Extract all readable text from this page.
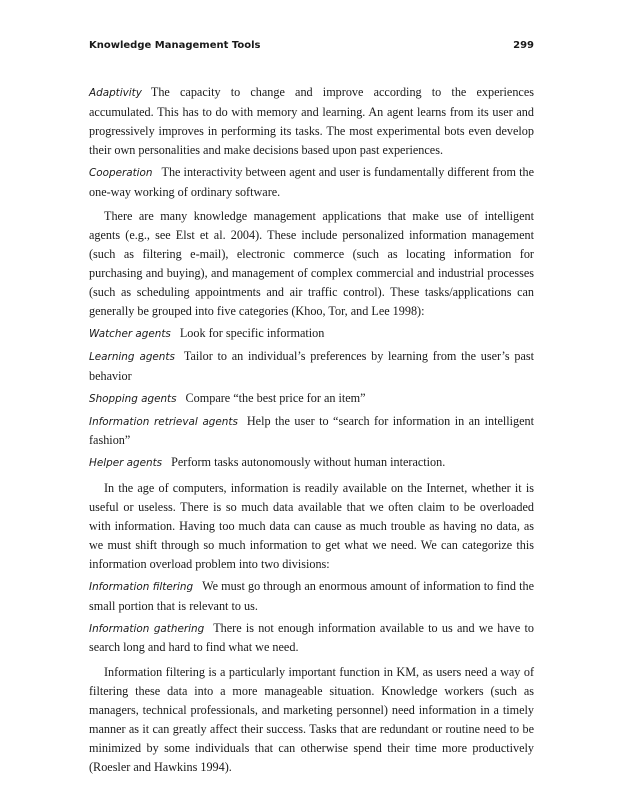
Knowledge Management Tools	299

Adaptivity The capacity to change and improve according to the experiences accumulated. This has to do with memory and learning. An agent learns from its user and progressively improves in performing its tasks. The most experimental bots even develop their own personalities and make decisions based upon past experiences.

Cooperation The interactivity between agent and user is fundamentally different from the one-way working of ordinary software.

There are many knowledge management applications that make use of intelligent agents (e.g., see Elst et al. 2004). These include personalized information management (such as filtering e-mail), electronic commerce (such as locating information for purchasing and buying), and management of complex commercial and industrial processes (such as scheduling appointments and air traffic control). These tasks/applications can generally be grouped into five categories (Khoo, Tor, and Lee 1998):

Watcher agents Look for specific information

Learning agents Tailor to an individual’s preferences by learning from the user’s past behavior

Shopping agents Compare “the best price for an item”

Information retrieval agents Help the user to “search for information in an intelligent fashion”

Helper agents Perform tasks autonomously without human interaction.

In the age of computers, information is readily available on the Internet, whether it is useful or useless. There is so much data available that we often claim to be overloaded with information. Having too much data can cause as much trouble as having no data, as we must shift through so much information to get what we need. We can categorize this information overload problem into two divisions:

Information filtering We must go through an enormous amount of information to find the small portion that is relevant to us.

Information gathering There is not enough information available to us and we have to search long and hard to find what we need.

Information filtering is a particularly important function in KM, as users need a way of filtering these data into a more manageable situation. Knowledge workers (such as managers, technical professionals, and marketing personnel) need information in a timely manner as it can greatly affect their success. Tasks that are redundant or routine need to be minimized by some individuals that can otherwise spend their time more productively (Roesler and Hawkins 1994).
